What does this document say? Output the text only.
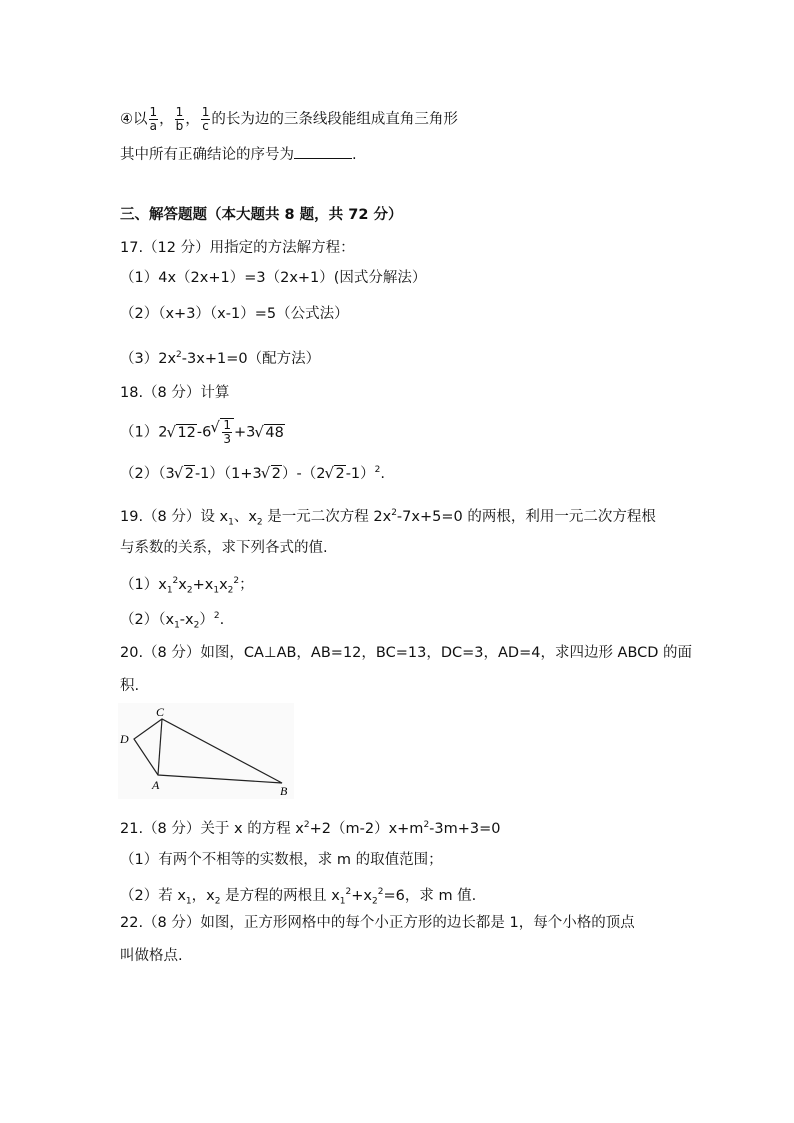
④以 $\frac{1}{a}$ ， $\frac{1}{b}$ ， $\frac{1}{c}$ 的长为边的三条线段能组成直角三角形
其中所有正确结论的序号为	.
三、解答题题（本大题共 8 题，共 72 分）
17.（12 分）用指定的方法解方程：
（1）4x（2x+1）=3（2x+1）(因式分解法）
（2）（x+3）（x-1）=5（公式法）
$(3)2x^2-3x+1=0$（配方法）
18.（8 分）计算
（1）2√ 12-6
√ $\frac{1}{3} +3√$ 48
（2）（3√ 2-1）（1+3√ 2）-（2√ 2-1）$^2$.
19.（8 分）设 $x_1$、$x_2$ 是一元二次方程 $2x^2-7x+5=0$ 的两根，利用一元二次方程根
与系数的关系，求下列各式的值.
$(1)x_1^2x_2+x_1x_2^2$；
$(2)(x_1-x_2)^2$.
20.（8 分）如图，CA⊥AB，AB=12，BC=13，DC=3，AD=4，求四边形 ABCD 的面
积.
C
D
A	B
21.（8 分）关于 x 的方程 $x^2+2(m-2)x+m^2-3m+3=0$
（1）有两个不相等的实数根，求 m 的取值范围；
（2）若 $x_1$，$x_2$ 是方程的两根且 $x_1^2+x_2^2=6$，求 m 值.
22.（8 分）如图，正方形网格中的每个小正方形的边长都是 1，每个小格的顶点
叫做格点.
